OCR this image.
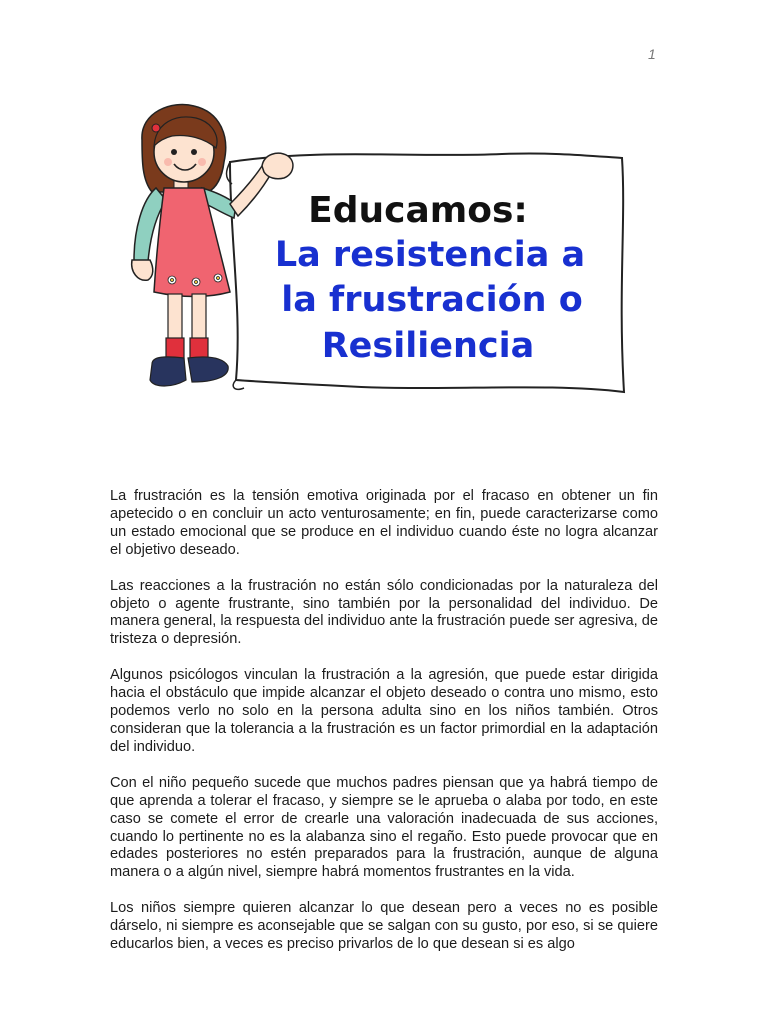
1
Educamos:
La resistencia a
la frustración o
Resiliencia

La frustración es la tensión emotiva originada por el fracaso en obtener un fin apetecido o en concluir un acto venturosamente; en fin, puede caracterizarse como un estado emocional que se produce en el individuo cuando éste no logra alcanzar el objetivo deseado.

Las reacciones a la frustración no están sólo condicionadas por la naturaleza del objeto o agente frustrante, sino también por la personalidad del individuo. De manera general, la respuesta del individuo ante la frustración puede ser agresiva, de tristeza o depresión.

Algunos psicólogos vinculan la frustración a la agresión, que puede estar dirigida hacia el obstáculo que impide alcanzar el objeto deseado o contra uno mismo, esto podemos verlo no solo en la persona adulta sino en los niños también. Otros consideran que la tolerancia a la frustración es un factor primordial en la adaptación del individuo.

Con el niño pequeño sucede que muchos padres piensan que ya habrá tiempo de que aprenda a tolerar el fracaso, y siempre se le aprueba o alaba por todo, en este caso se comete el error de crearle una valoración inadecuada de sus acciones, cuando lo pertinente no es la alabanza sino el regaño. Esto puede provocar que en edades posteriores no estén preparados para la frustración, aunque de alguna manera o a algún nivel, siempre habrá momentos frustrantes en la vida.

Los niños siempre quieren alcanzar lo que desean pero a veces no es posible dárselo, ni siempre es aconsejable que se salgan con su gusto, por eso, si se quiere educarlos bien, a veces es preciso privarlos de lo que desean si es algo
